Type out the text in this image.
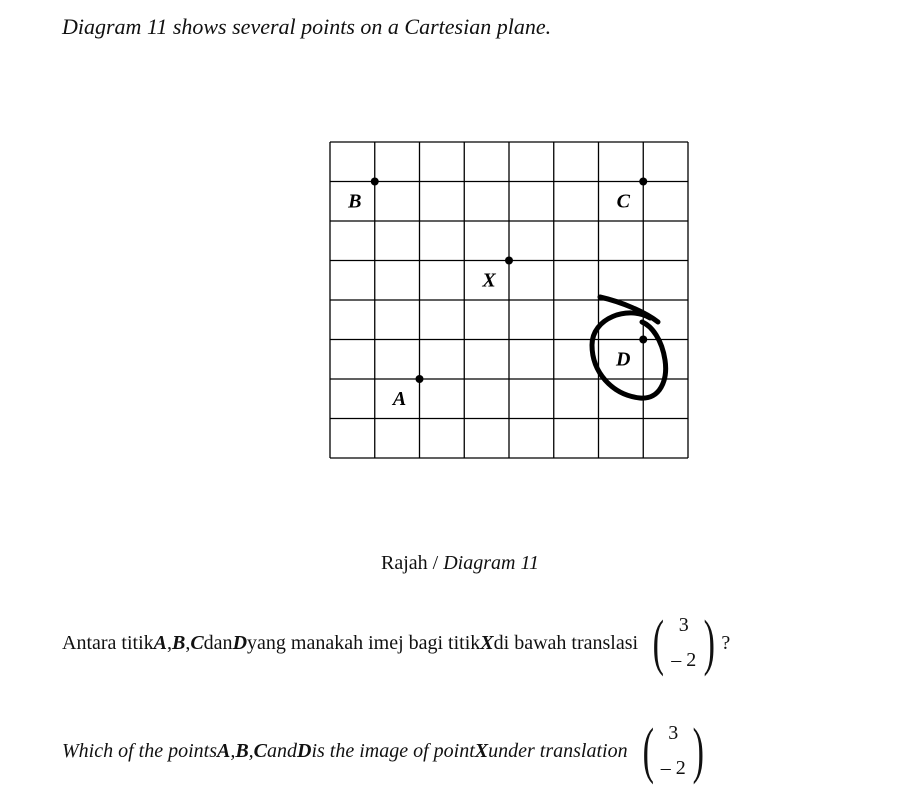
Diagram 11 shows several points on a Cartesian plane.
B	C
X
D
A
Rajah / Diagram 11
Antara titik A , B , C dan D yang manakah imej bagi titik X di bawah translasi ( 3
– 2 ) ?
Which of the points A , B , C and D is the image of point X under translation ( 3
– 2 )
